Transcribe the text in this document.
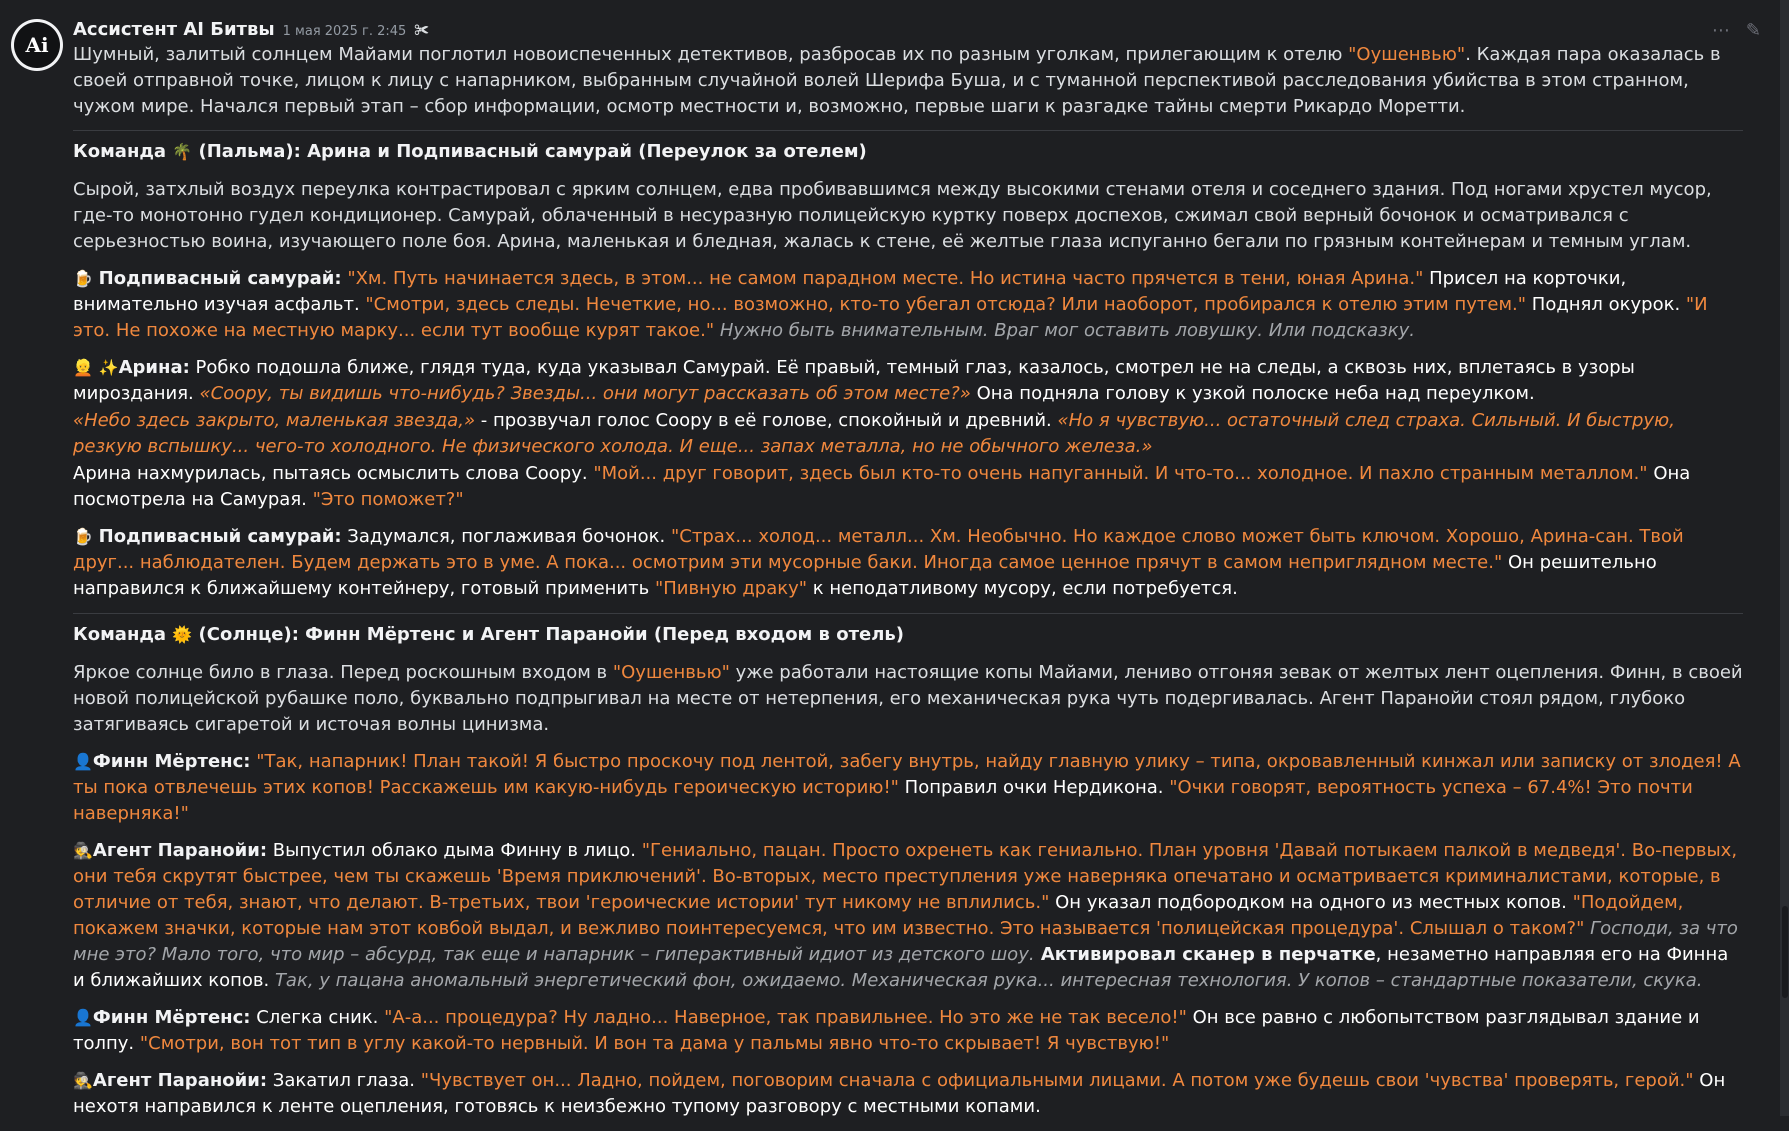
Ai
⋯ ✎
Ассистент AI Битвы 1 мая 2025 г. 2:45 ✀

Шумный, залитый солнцем Майами поглотил новоиспеченных детективов, разбросав их по разным уголкам, прилегающим к отелю "Оушенвью". Каждая пара оказалась в своей отправной точке, лицом к лицу с напарником, выбранным случайной волей Шерифа Буша, и с туманной перспективой расследования убийства в этом странном, чужом мире. Начался первый этап – сбор информации, осмотр местности и, возможно, первые шаги к разгадке тайны смерти Рикардо Моретти.

Команда 🌴 (Пальма): Арина и Подпивасный самурай (Переулок за отелем)

Сырой, затхлый воздух переулка контрастировал с ярким солнцем, едва пробивавшимся между высокими стенами отеля и соседнего здания. Под ногами хрустел мусор, где-то монотонно гудел кондиционер. Самурай, облаченный в несуразную полицейскую куртку поверх доспехов, сжимал свой верный бочонок и осматривался с серьезностью воина, изучающего поле боя. Арина, маленькая и бледная, жалась к стене, её желтые глаза испуганно бегали по грязным контейнерам и темным углам.

🍺 Подпивасный самурай: "Хм. Путь начинается здесь, в этом... не самом парадном месте. Но истина часто прячется в тени, юная Арина." Присел на корточки, внимательно изучая асфальт. "Смотри, здесь следы. Нечеткие, но... возможно, кто-то убегал отсюда? Или наоборот, пробирался к отелю этим путем." Поднял окурок. "И это. Не похоже на местную марку... если тут вообще курят такое." Нужно быть внимательным. Враг мог оставить ловушку. Или подсказку.

👱 ✨Арина: Робко подошла ближе, глядя туда, куда указывал Самурай. Её правый, темный глаз, казалось, смотрел не на следы, а сквозь них, вплетаясь в узоры мироздания. «Соору, ты видишь что-нибудь? Звезды... они могут рассказать об этом месте?» Она подняла голову к узкой полоске неба над переулком.

«Небо здесь закрыто, маленькая звезда,» - прозвучал голос Соору в её голове, спокойный и древний. «Но я чувствую... остаточный след страха. Сильный. И быструю, резкую вспышку... чего-то холодного. Не физического холода. И еще... запах металла, но не обычного железа.»

Арина нахмурилась, пытаясь осмыслить слова Соору. "Мой... друг говорит, здесь был кто-то очень напуганный. И что-то... холодное. И пахло странным металлом." Она посмотрела на Самурая. "Это поможет?"

🍺 Подпивасный самурай: Задумался, поглаживая бочонок. "Страх... холод... металл... Хм. Необычно. Но каждое слово может быть ключом. Хорошо, Арина-сан. Твой друг... наблюдателен. Будем держать это в уме. А пока... осмотрим эти мусорные баки. Иногда самое ценное прячут в самом неприглядном месте." Он решительно направился к ближайшему контейнеру, готовый применить "Пивную драку" к неподатливому мусору, если потребуется.

Команда 🌞 (Солнце): Финн Мёртенс и Агент Паранойи (Перед входом в отель)

Яркое солнце било в глаза. Перед роскошным входом в "Оушенвью" уже работали настоящие копы Майами, лениво отгоняя зевак от желтых лент оцепления. Финн, в своей новой полицейской рубашке поло, буквально подпрыгивал на месте от нетерпения, его механическая рука чуть подергивалась. Агент Паранойи стоял рядом, глубоко затягиваясь сигаретой и источая волны цинизма.

👤Финн Мёртенс: "Так, напарник! План такой! Я быстро проскочу под лентой, забегу внутрь, найду главную улику – типа, окровавленный кинжал или записку от злодея! А ты пока отвлечешь этих копов! Расскажешь им какую-нибудь героическую историю!" Поправил очки Нердикона. "Очки говорят, вероятность успеха – 67.4%! Это почти наверняка!"

🕵Агент Паранойи: Выпустил облако дыма Финну в лицо. "Гениально, пацан. Просто охренеть как гениально. План уровня 'Давай потыкаем палкой в медведя'. Во-первых, они тебя скрутят быстрее, чем ты скажешь 'Время приключений'. Во-вторых, место преступления уже наверняка опечатано и осматривается криминалистами, которые, в отличие от тебя, знают, что делают. В-третьих, твои 'героические истории' тут никому не вплились." Он указал подбородком на одного из местных копов. "Подойдем, покажем значки, которые нам этот ковбой выдал, и вежливо поинтересуемся, что им известно. Это называется 'полицейская процедура'. Слышал о таком?" Господи, за что мне это? Мало того, что мир – абсурд, так еще и напарник – гиперактивный идиот из детского шоу. Активировал сканер в перчатке, незаметно направляя его на Финна и ближайших копов. Так, у пацана аномальный энергетический фон, ожидаемо. Механическая рука... интересная технология. У копов – стандартные показатели, скука.

👤Финн Мёртенс: Слегка сник. "А-а... процедура? Ну ладно... Наверное, так правильнее. Но это же не так весело!" Он все равно с любопытством разглядывал здание и толпу. "Смотри, вон тот тип в углу какой-то нервный. И вон та дама у пальмы явно что-то скрывает! Я чувствую!"

🕵Агент Паранойи: Закатил глаза. "Чувствует он... Ладно, пойдем, поговорим сначала с официальными лицами. А потом уже будешь свои 'чувства' проверять, герой." Он нехотя направился к ленте оцепления, готовясь к неизбежно тупому разговору с местными копами.
